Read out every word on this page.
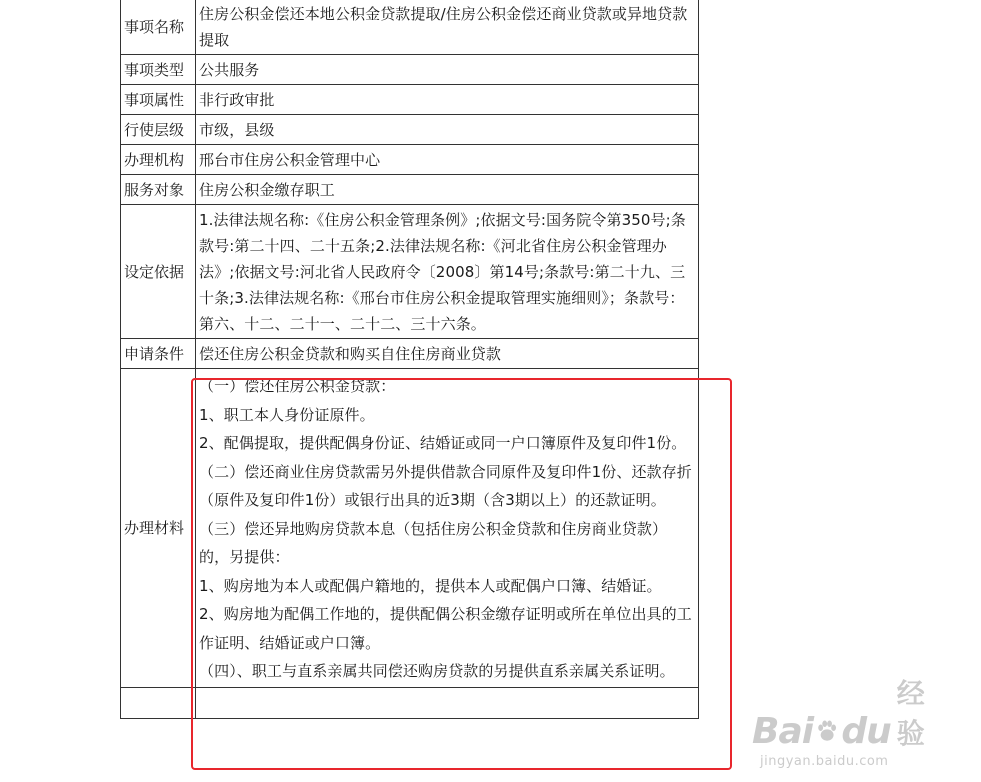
事项名称

住房公积金偿还本地公积金贷款提取/住房公积金偿还商业贷款或异地贷款提取

事项类型 公共服务

事项属性 非行政审批

行使层级 市级，县级

办理机构 邢台市住房公积金管理中心

服务对象 住房公积金缴存职工

设定依据

1.法律法规名称:《住房公积金管理条例》;依据文号:国务院令第350号;条款号:第二十四、二十五条;2.法律法规名称:《河北省住房公积金管理办法》;依据文号:河北省人民政府令〔2008〕第14号;条款号:第二十九、三十条;3.法律法规名称:《邢台市住房公积金提取管理实施细则》；条款号：第六、十二、二十一、二十二、三十六条。

申请条件 偿还住房公积金贷款和购买自住住房商业贷款

办理材料

（一）偿还住房公积金贷款：

1、职工本人身份证原件。

2、配偶提取，提供配偶身份证、结婚证或同一户口簿原件及复印件1份。

（二）偿还商业住房贷款需另外提供借款合同原件及复印件1份、还款存折（原件及复印件1份）或银行出具的近3期（含3期以上）的还款证明。

（三）偿还异地购房贷款本息（包括住房公积金贷款和住房商业贷款）的，另提供：

1、购房地为本人或配偶户籍地的，提供本人或配偶户口簿、结婚证。

2、购房地为配偶工作地的，提供配偶公积金缴存证明或所在单位出具的工作证明、结婚证或户口簿。

（四）、职工与直系亲属共同偿还购房贷款的另提供直系亲属关系证明。

Bai du
经验
jingyan.baidu.com
